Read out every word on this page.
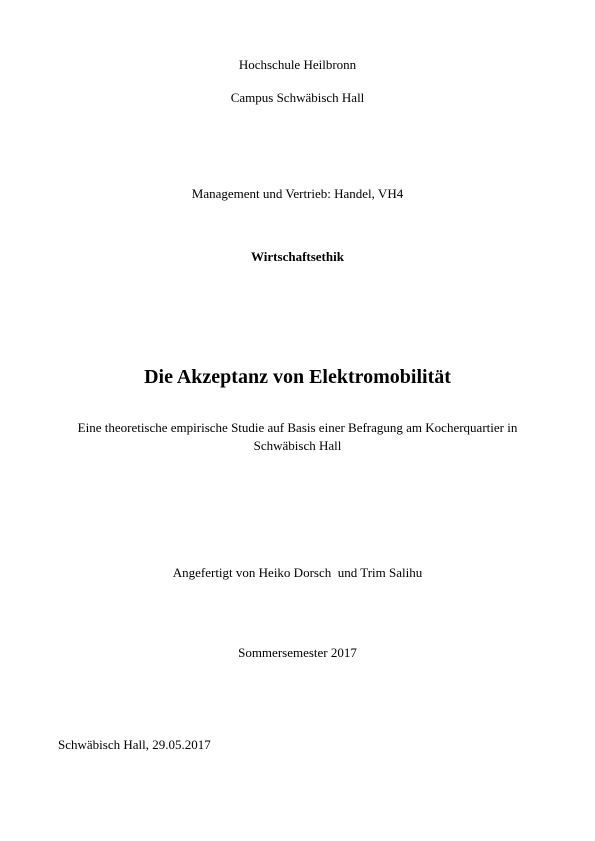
Hochschule Heilbronn
Campus Schwäbisch Hall
Management und Vertrieb: Handel, VH4
Wirtschaftsethik
Die Akzeptanz von Elektromobilität
Eine theoretische empirische Studie auf Basis einer Befragung am Kocherquartier in
Schwäbisch Hall
Angefertigt von Heiko Dorsch  und Trim Salihu
Sommersemester 2017
Schwäbisch Hall, 29.05.2017
